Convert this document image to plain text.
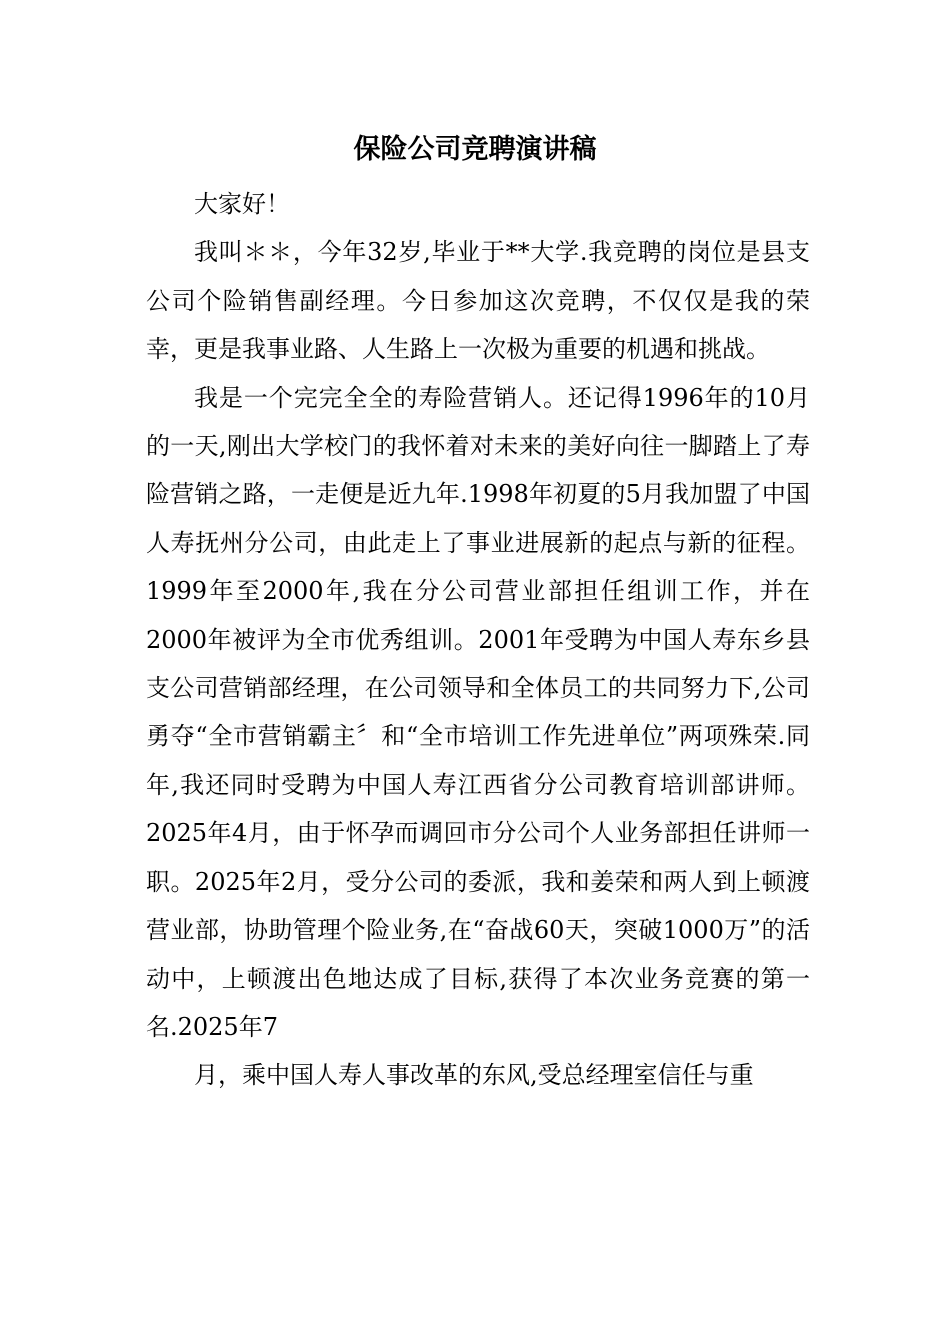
保险公司竞聘演讲稿

大家好！

我叫＊＊，今年32岁,毕业于**大学.我竞聘的岗位是县支公司个险销售副经理。今日参加这次竞聘，不仅仅是我的荣幸，更是我事业路、人生路上一次极为重要的机遇和挑战。

我是一个完完全全的寿险营销人。还记得1996年的10月的一天,刚出大学校门的我怀着对未来的美好向往一脚踏上了寿险营销之路，一走便是近九年.1998年初夏的5月我加盟了中国人寿抚州分公司，由此走上了事业进展新的起点与新的征程。1999年至2000年,我在分公司营业部担任组训工作，并在2000年被评为全市优秀组训。2001年受聘为中国人寿东乡县支公司营销部经理，在公司领导和全体员工的共同努力下,公司勇夺“全市营销霸主〞和“全市培训工作先进单位”两项殊荣.同年,我还同时受聘为中国人寿江西省分公司教育培训部讲师。2025年4月，由于怀孕而调回市分公司个人业务部担任讲师一职。2025年2月，受分公司的委派，我和姜荣和两人到上顿渡营业部，协助管理个险业务,在“奋战60天，突破1000万”的活动中，上顿渡出色地达成了目标,获得了本次业务竞赛的第一名.2025年7

月，乘中国人寿人事改革的东风,受总经理室信任与重
